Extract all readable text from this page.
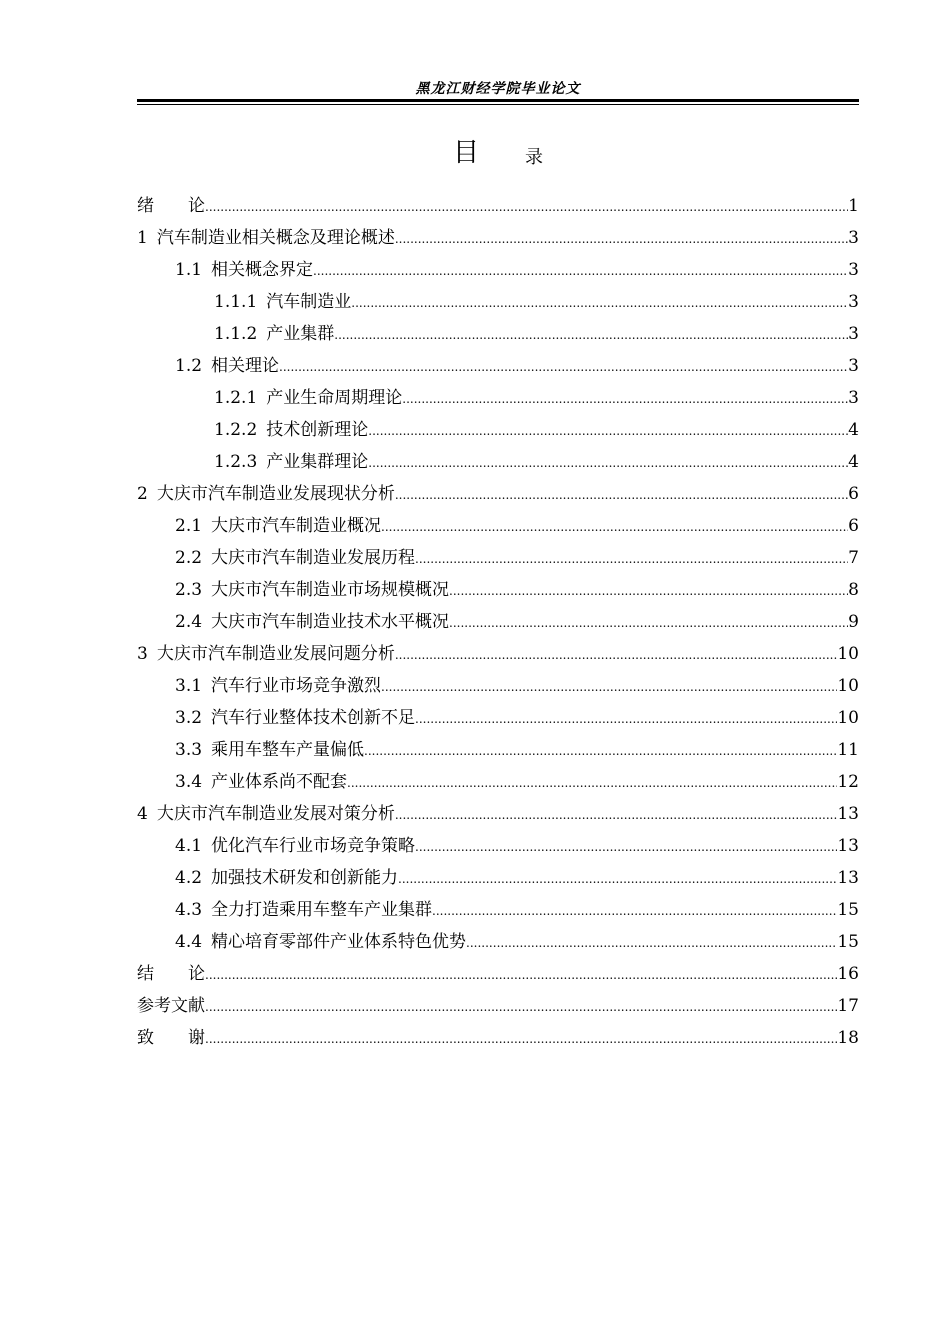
黑龙江财经学院毕业论文
目	录
绪　　论 .....	1
1 汽车制造业相关概念及理论概述 .....	3
1.1 相关概念界定 .....	3
1.1.1 汽车制造业 .....	3
1.1.2 产业集群 .....	3
1.2 相关理论 .....	3
1.2.1 产业生命周期理论 .....	3
1.2.2 技术创新理论 .....	4
1.2.3 产业集群理论 .....	4
2 大庆市汽车制造业发展现状分析 .....	6
2.1 大庆市汽车制造业概况 .....	6
2.2 大庆市汽车制造业发展历程 .....	7
2.3 大庆市汽车制造业市场规模概况 .....	8
2.4 大庆市汽车制造业技术水平概况 .....	9
3 大庆市汽车制造业发展问题分析 .....	10
3.1 汽车行业市场竞争激烈 .....	10
3.2 汽车行业整体技术创新不足 .....	10
3.3 乘用车整车产量偏低 .....	11
3.4 产业体系尚不配套 .....	12
4 大庆市汽车制造业发展对策分析 .....	13
4.1 优化汽车行业市场竞争策略 .....	13
4.2 加强技术研发和创新能力 .....	13
4.3 全力打造乘用车整车产业集群 .....	15
4.4 精心培育零部件产业体系特色优势 .....	15
结　　论 .....	16
参考文献 .....	17
致　　谢 .....	18
